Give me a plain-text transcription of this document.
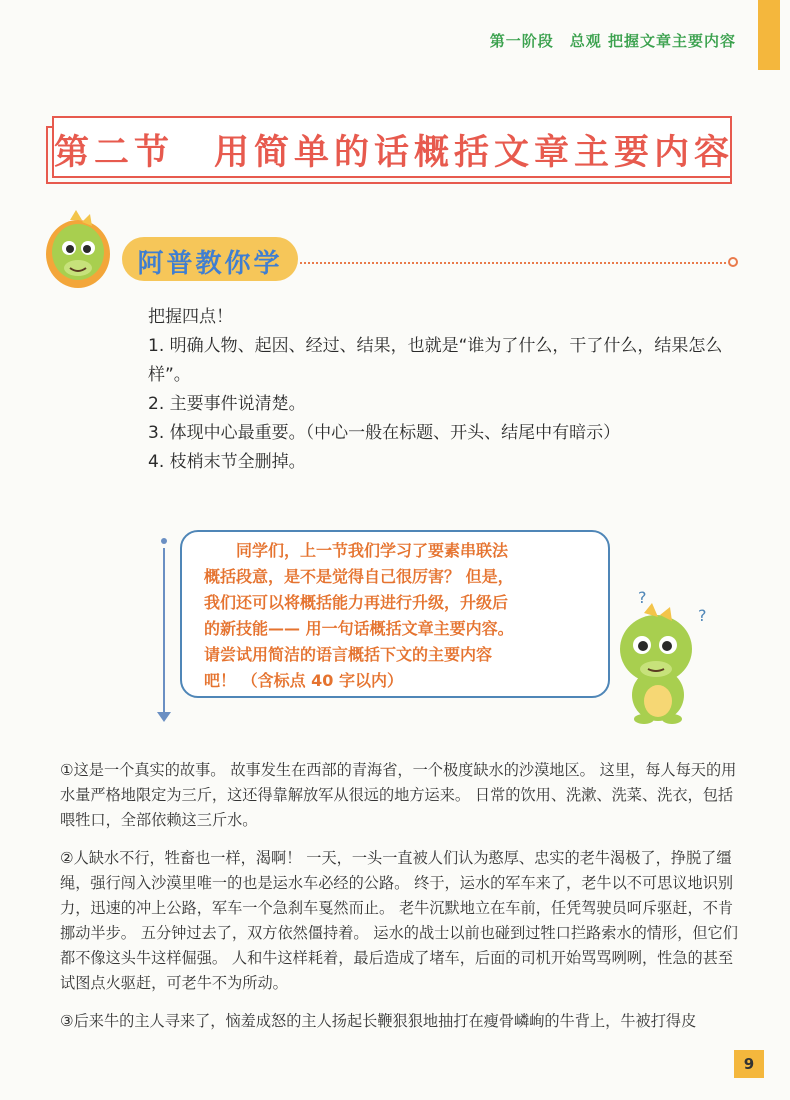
第一阶段　总观 把握文章主要内容
第二节　用简单的话概括文章主要内容
阿普教你学

把握四点！

1. 明确人物、起因、经过、结果，也就是“谁为了什么，干了什么，结果怎么样”。

2. 主要事件说清楚。

3. 体现中心最重要。（中心一般在标题、开头、结尾中有暗示）

4. 枝梢末节全删掉。

　　同学们，上一节我们学习了要素串联法

概括段意，是不是觉得自己很厉害？ 但是，

我们还可以将概括能力再进行升级，升级后

的新技能—— 用一句话概括文章主要内容。

请尝试用简洁的语言概括下文的主要内容

吧！ （含标点 40 字以内）

?
?

①这是一个真实的故事。 故事发生在西部的青海省，一个极度缺水的沙漠地区。 这里，每人每天的用水量严格地限定为三斤，这还得靠解放军从很远的地方运来。 日常的饮用、洗漱、洗菜、洗衣，包括喂牲口，全部依赖这三斤水。

②人缺水不行，牲畜也一样，渴啊！ 一天，一头一直被人们认为憨厚、忠实的老牛渴极了，挣脱了缰绳，强行闯入沙漠里唯一的也是运水车必经的公路。 终于，运水的军车来了，老牛以不可思议地识别力，迅速的冲上公路，军车一个急刹车戛然而止。 老牛沉默地立在车前，任凭驾驶员呵斥驱赶，不肯挪动半步。 五分钟过去了，双方依然僵持着。 运水的战士以前也碰到过牲口拦路索水的情形，但它们都不像这头牛这样倔强。 人和牛这样耗着，最后造成了堵车，后面的司机开始骂骂咧咧，性急的甚至试图点火驱赶，可老牛不为所动。

③后来牛的主人寻来了，恼羞成怒的主人扬起长鞭狠狠地抽打在瘦骨嶙峋的牛背上，牛被打得皮

9
